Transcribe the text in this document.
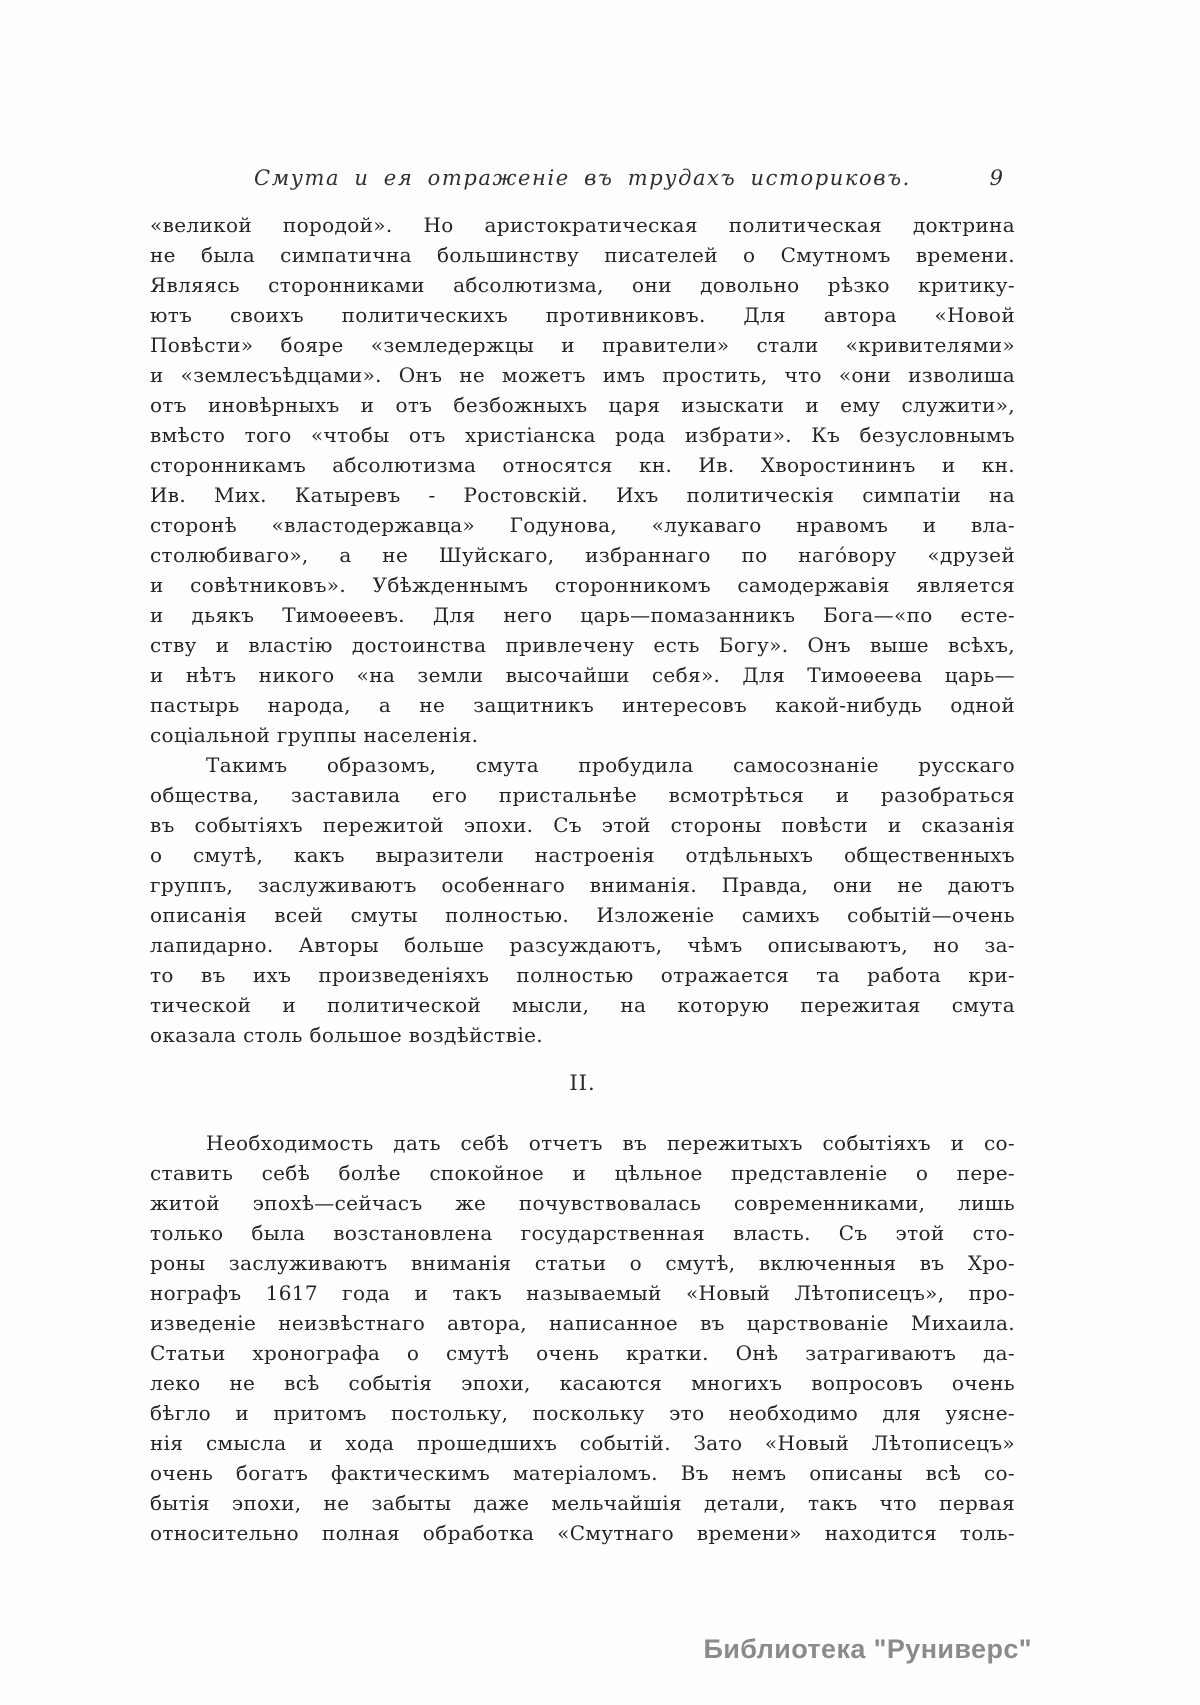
Смута и ея отраженіе въ трудахъ историковъ.	9
«великой породой». Но аристократическая политическая доктрина
не была симпатична большинству писателей о Смутномъ времени.
Являясь сторонниками абсолютизма, они довольно рѣзко критику-
ютъ своихъ политическихъ противниковъ. Для автора «Новой
Повѣсти» бояре «земледержцы и правители» стали «кривителями»
и «землесъѣдцами». Онъ не можетъ имъ простить, что «они изволиша
отъ иновѣрныхъ и отъ безбожныхъ царя изыскати и ему служити»,
вмѣсто того «чтобы отъ христіанска рода избрати». Къ безусловнымъ
сторонникамъ абсолютизма относятся кн. Ив. Хворостининъ и кн.
Ив. Мих. Катыревъ - Ростовскій. Ихъ политическія симпатіи на
сторонѣ «властодержавца» Годунова, «лукаваго нравомъ и вла-
столюбиваго», а не Шуйскаго, избраннаго по наго́вору «друзей
и совѣтниковъ». Убѣжденнымъ сторонникомъ самодержавія является
и дьякъ Тимоѳеевъ. Для него царь—помазанникъ Бога—«по есте-
ству и властію достоинства привлечену есть Богу». Онъ выше всѣхъ,
и нѣтъ никого «на земли высочайши себя». Для Тимоѳеева царь—
пастырь народа, а не защитникъ интересовъ какой-нибудь одной
соціальной группы населенія.
Такимъ образомъ, смута пробудила самосознаніе русскаго
общества, заставила его пристальнѣе всмотрѣться и разобраться
въ событіяхъ пережитой эпохи. Съ этой стороны повѣсти и сказанія
о смутѣ, какъ выразители настроенія отдѣльныхъ общественныхъ
группъ, заслуживаютъ особеннаго вниманія. Правда, они не даютъ
описанія всей смуты полностью. Изложеніе самихъ событій—очень
лапидарно. Авторы больше разсуждаютъ, чѣмъ описываютъ, но за-
то въ ихъ произведеніяхъ полностью отражается та работа кри-
тической и политической мысли, на которую пережитая смута
оказала столь большое воздѣйствіе.
II.
Необходимость дать себѣ отчетъ въ пережитыхъ событіяхъ и со-
ставить себѣ болѣе спокойное и цѣльное представленіе о пере-
житой эпохѣ—сейчасъ же почувствовалась современниками, лишь
только была возстановлена государственная власть. Съ этой сто-
роны заслуживаютъ вниманія статьи о смутѣ, включенныя въ Хро-
нографъ 1617 года и такъ называемый «Новый Лѣтописецъ», про-
изведеніе неизвѣстнаго автора, написанное въ царствованіе Михаила.
Статьи хронографа о смутѣ очень кратки. Онѣ затрагиваютъ да-
леко не всѣ событія эпохи, касаются многихъ вопросовъ очень
бѣгло и притомъ постольку, поскольку это необходимо для уясне-
нія смысла и хода прошедшихъ событій. Зато «Новый Лѣтописецъ»
очень богатъ фактическимъ матеріаломъ. Въ немъ описаны всѣ со-
бытія эпохи, не забыты даже мельчайшія детали, такъ что первая
относительно полная обработка «Смутнаго времени» находится толь-
Библиотека "Руниверс"
